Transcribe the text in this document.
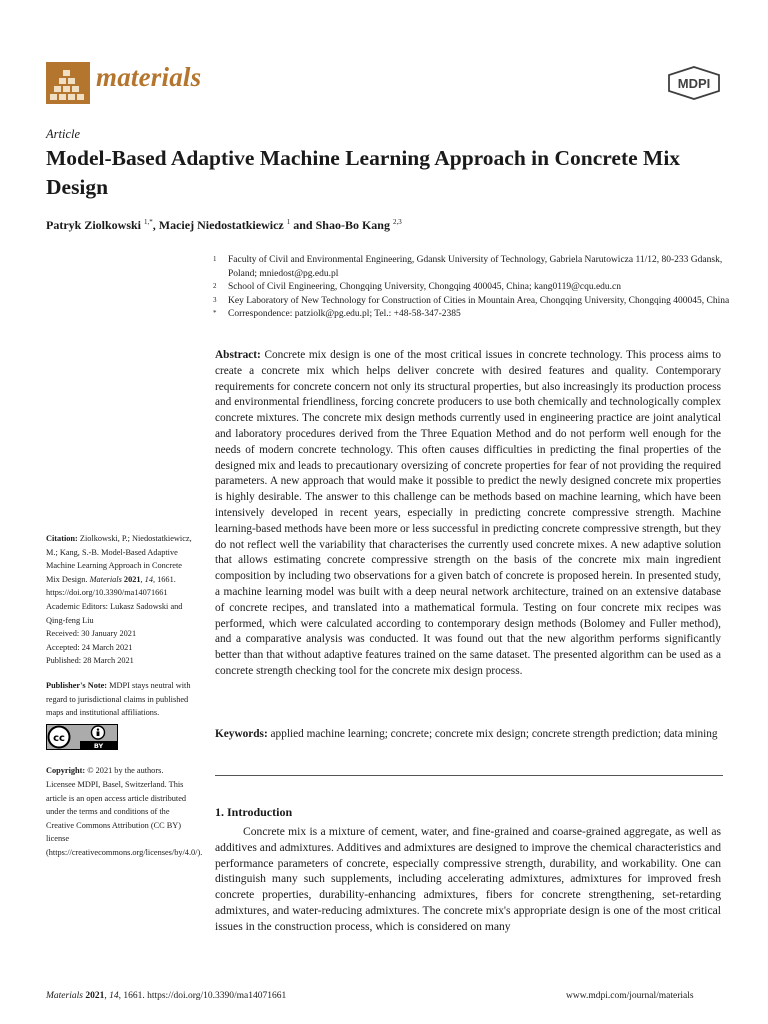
materials	MDPI
Article
Model-Based Adaptive Machine Learning Approach in Concrete Mix Design
Patryk Ziolkowski $^{1,*}$, Maciej Niedostatkiewicz $^1$ and Shao-Bo Kang $^{2,3}$
1	Faculty of Civil and Environmental Engineering, Gdansk University of Technology, Gabriela Narutowicza 11/12, 80-233 Gdansk, Poland; mniedost@pg.edu.pl
2	School of Civil Engineering, Chongqing University, Chongqing 400045, China; kang0119@cqu.edu.cn
3	Key Laboratory of New Technology for Construction of Cities in Mountain Area, Chongqing University, Chongqing 400045, China
*	Correspondence: patziolk@pg.edu.pl; Tel.: +48-58-347-2385

Abstract: Concrete mix design is one of the most critical issues in concrete technology. This process aims to create a concrete mix which helps deliver concrete with desired features and quality. Contemporary requirements for concrete concern not only its structural properties, but also increasingly its production process and environmental friendliness, forcing concrete producers to use both chemically and technologically complex concrete mixtures. The concrete mix design methods currently used in engineering practice are joint analytical and laboratory procedures derived from the Three Equation Method and do not perform well enough for the needs of modern concrete technology. This often causes difficulties in predicting the final properties of the designed mix and leads to precautionary oversizing of concrete properties for fear of not providing the required parameters. A new approach that would make it possible to predict the newly designed concrete mix properties is highly desirable. The answer to this challenge can be methods based on machine learning, which have been intensively developed in recent years, especially in predicting concrete compressive strength. Machine learning-based methods have been more or less successful in predicting concrete compressive strength, but they do not reflect well the variability that characterises the currently used concrete mixes. A new adaptive solution that allows estimating concrete compressive strength on the basis of the concrete mix main ingredient composition by including two observations for a given batch of concrete is proposed herein. In presented study, a machine learning model was built with a deep neural network architecture, trained on an extensive database of concrete recipes, and translated into a mathematical formula. Testing on four concrete mix recipes was performed, which were calculated according to contemporary design methods (Bolomey and Fuller method), and a comparative analysis was conducted. It was found out that the new algorithm performs significantly better than that without adaptive features trained on the same dataset. The presented algorithm can be used as a concrete strength checking tool for the concrete mix design process.

Keywords: applied machine learning; concrete; concrete mix design; concrete strength prediction; data mining

1. Introduction

Concrete mix is a mixture of cement, water, and fine-grained and coarse-grained aggregate, as well as additives and admixtures. Additives and admixtures are designed to improve the chemical characteristics and performance parameters of concrete, especially compressive strength, durability, and workability. One can distinguish many such supplements, including accelerating admixtures, admixtures for improved fresh concrete properties, durability-enhancing admixtures, fibers for concrete strengthening, set-retarding admixtures, and water-reducing admixtures. The concrete mix's appropriate design is one of the most critical issues in the construction process, which is considered on many

Citation: Ziolkowski, P.; Niedostatkiewicz, M.; Kang, S.-B. Model-Based Adaptive Machine Learning Approach in Concrete Mix Design. Materials 2021, 14, 1661. https://doi.org/10.3390/ma14071661

Academic Editors: Lukasz Sadowski and Qing-feng Liu

Received: 30 January 2021

Accepted: 24 March 2021

Published: 28 March 2021

Publisher's Note: MDPI stays neutral with regard to jurisdictional claims in published maps and institutional affiliations.

cc
BY

Copyright: © 2021 by the authors. Licensee MDPI, Basel, Switzerland. This article is an open access article distributed under the terms and conditions of the Creative Commons Attribution (CC BY) license (https://creativecommons.org/licenses/by/4.0/).

Materials 2021, 14, 1661. https://doi.org/10.3390/ma14071661	www.mdpi.com/journal/materials
